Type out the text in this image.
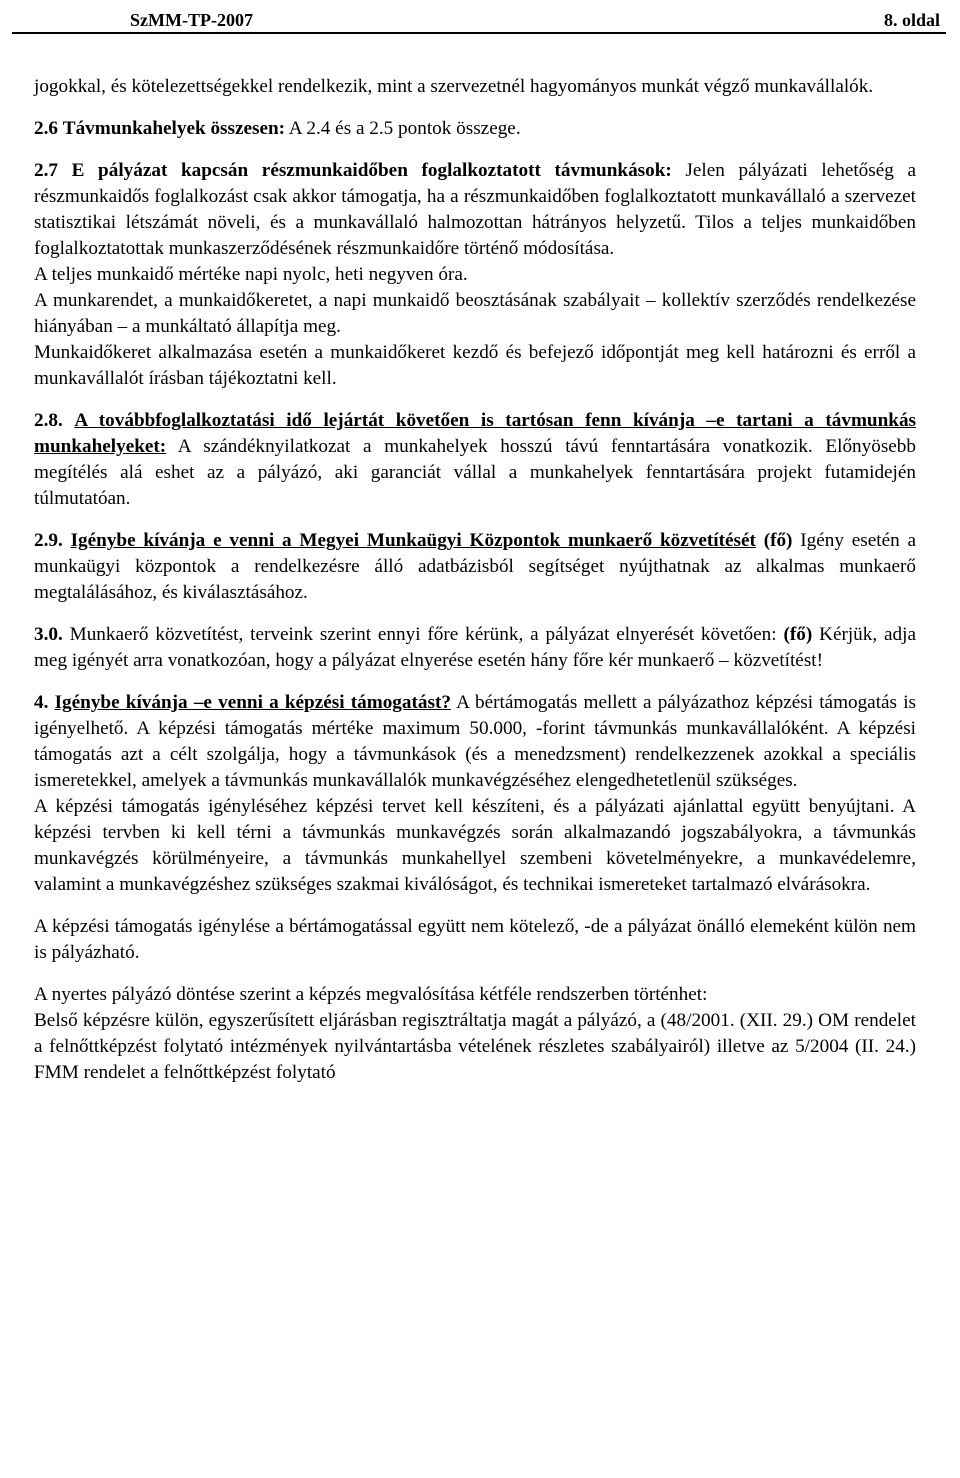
SzMM-TP-2007	8. oldal

jogokkal, és kötelezettségekkel rendelkezik, mint a szervezetnél hagyományos munkát végző munkavállalók.

2.6 Távmunkahelyek összesen: A 2.4 és a 2.5 pontok összege.

2.7 E pályázat kapcsán részmunkaidőben foglalkoztatott távmunkások: Jelen pályázati lehetőség a részmunkaidős foglalkozást csak akkor támogatja, ha a részmunkaidőben foglalkoztatott munkavállaló a szervezet statisztikai létszámát növeli, és a munkavállaló halmozottan hátrányos helyzetű. Tilos a teljes munkaidőben foglalkoztatottak munkaszerződésének részmunkaidőre történő módosítása.

A teljes munkaidő mértéke napi nyolc, heti negyven óra.

A munkarendet, a munkaidőkeretet, a napi munkaidő beosztásának szabályait – kollektív szerződés rendelkezése hiányában – a munkáltató állapítja meg.

Munkaidőkeret alkalmazása esetén a munkaidőkeret kezdő és befejező időpontját meg kell határozni és erről a munkavállalót írásban tájékoztatni kell.

2.8. A továbbfoglalkoztatási idő lejártát követően is tartósan fenn kívánja –e tartani a távmunkás munkahelyeket: A szándéknyilatkozat a munkahelyek hosszú távú fenntartására vonatkozik. Előnyösebb megítélés alá eshet az a pályázó, aki garanciát vállal a munkahelyek fenntartására projekt futamidején túlmutatóan.

2.9. Igénybe kívánja e venni a Megyei Munkaügyi Központok munkaerő közvetítését (fő) Igény esetén a munkaügyi központok a rendelkezésre álló adatbázisból segítséget nyújthatnak az alkalmas munkaerő megtalálásához, és kiválasztásához.

3.0. Munkaerő közvetítést, terveink szerint ennyi főre kérünk, a pályázat elnyerését követően: (fő) Kérjük, adja meg igényét arra vonatkozóan, hogy a pályázat elnyerése esetén hány főre kér munkaerő – közvetítést!

4. Igénybe kívánja –e venni a képzési támogatást? A bértámogatás mellett a pályázathoz képzési támogatás is igényelhető. A képzési támogatás mértéke maximum 50.000, -forint távmunkás munkavállalóként. A képzési támogatás azt a célt szolgálja, hogy a távmunkások (és a menedzsment) rendelkezzenek azokkal a speciális ismeretekkel, amelyek a távmunkás munkavállalók munkavégzéséhez elengedhetetlenül szükséges.

A képzési támogatás igényléséhez képzési tervet kell készíteni, és a pályázati ajánlattal együtt benyújtani. A képzési tervben ki kell térni a távmunkás munkavégzés során alkalmazandó jogszabályokra, a távmunkás munkavégzés körülményeire, a távmunkás munkahellyel szembeni követelményekre, a munkavédelemre, valamint a munkavégzéshez szükséges szakmai kiválóságot, és technikai ismereteket tartalmazó elvárásokra.

A képzési támogatás igénylése a bértámogatással együtt nem kötelező, -de a pályázat önálló elemeként külön nem is pályázható.

A nyertes pályázó döntése szerint a képzés megvalósítása kétféle rendszerben történhet:

Belső képzésre külön, egyszerűsített eljárásban regisztráltatja magát a pályázó, a (48/2001. (XII. 29.) OM rendelet a felnőttképzést folytató intézmények nyilvántartásba vételének részletes szabályairól) illetve az 5/2004 (II. 24.) FMM rendelet a felnőttképzést folytató
